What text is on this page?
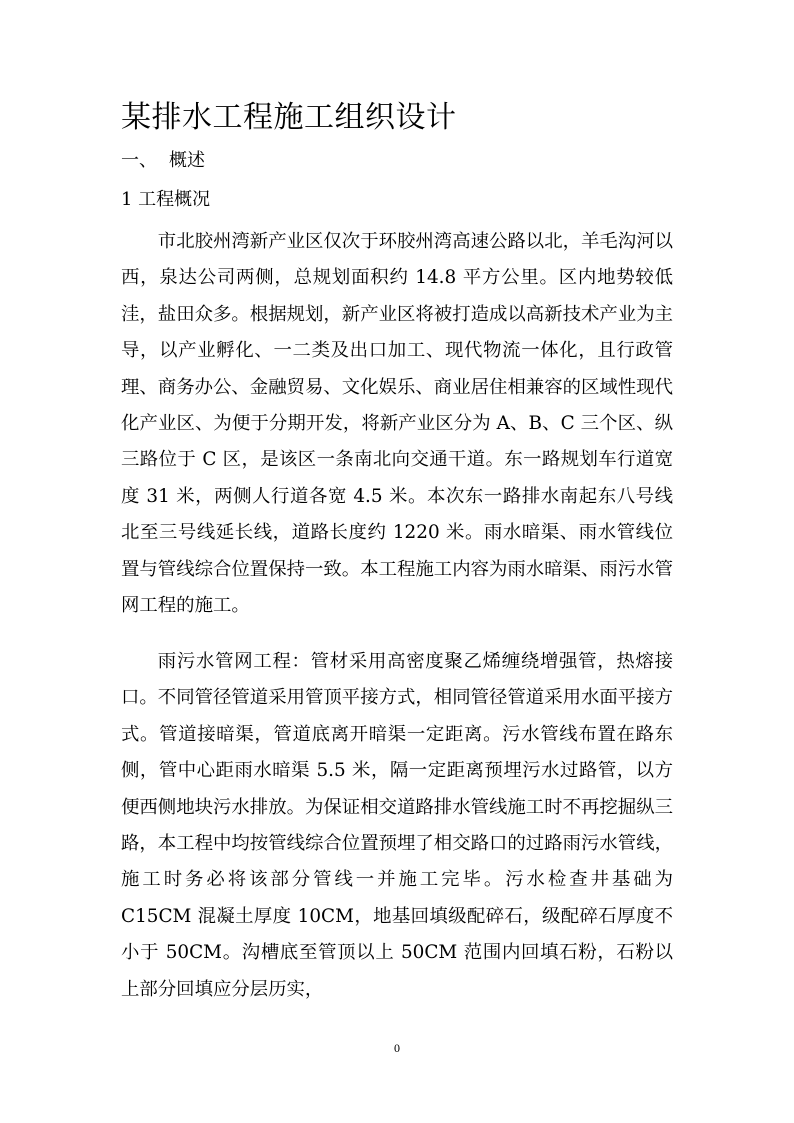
某排水工程施工组织设计
一、 概述
1 工程概况

市北胶州湾新产业区仅次于环胶州湾高速公路以北，羊毛沟河以西，泉达公司两侧，总规划面积约 14.8 平方公里。区内地势较低洼，盐田众多。根据规划，新产业区将被打造成以高新技术产业为主导，以产业孵化、一二类及出口加工、现代物流一体化，且行政管理、商务办公、金融贸易、文化娱乐、商业居住相兼容的区域性现代化产业区、为便于分期开发，将新产业区分为 A、B、C 三个区、纵三路位于 C 区，是该区一条南北向交通干道。东一路规划车行道宽度 31 米，两侧人行道各宽 4.5 米。本次东一路排水南起东八号线北至三号线延长线，道路长度约 1220 米。雨水暗渠、雨水管线位置与管线综合位置保持一致。本工程施工内容为雨水暗渠、雨污水管网工程的施工。

雨污水管网工程：管材采用高密度聚乙烯缠绕增强管，热熔接口。不同管径管道采用管顶平接方式，相同管径管道采用水面平接方式。管道接暗渠，管道底离开暗渠一定距离。污水管线布置在路东侧，管中心距雨水暗渠 5.5 米，隔一定距离预埋污水过路管，以方便西侧地块污水排放。为保证相交道路排水管线施工时不再挖掘纵三路，本工程中均按管线综合位置预埋了相交路口的过路雨污水管线，施工时务必将该部分管线一并施工完毕。污水检查井基础为 C15CM 混凝土厚度 10CM，地基回填级配碎石，级配碎石厚度不小于 50CM。沟槽底至管顶以上 50CM 范围内回填石粉，石粉以上部分回填应分层历实，

0
